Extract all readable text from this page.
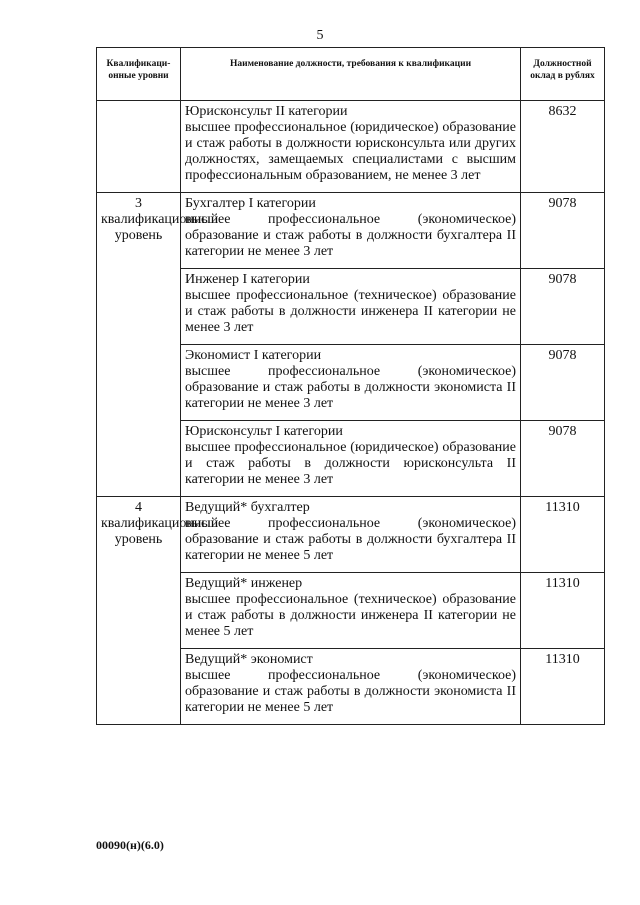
5
Квалификаци-онные уровни	Наименование должности, требования к квалификации	Должностной оклад в рублях

	Юрисконсульт II категории
высшее профессиональное (юридическое) образование и стаж работы в должности юрисконсульта или других должностях, замещаемых специалистами с высшим профессиональным образованием, не менее 3 лет	8632
3 квалификационный уровень	Бухгалтер I категории
высшее профессиональное (экономическое) образование и стаж работы в должности бухгалтера II категории не менее 3 лет	9078

	Инженер I категории
высшее профессиональное (техническое) образование и стаж работы в должности инженера II категории не менее 3 лет	9078

	Экономист I категории
высшее профессиональное (экономическое) образование и стаж работы в должности экономиста II категории не менее 3 лет	9078

	Юрисконсульт I категории
высшее профессиональное (юридическое) образование и стаж работы в должности юрисконсульта II категории не менее 3 лет	9078
4 квалификационный уровень	Ведущий* бухгалтер
высшее профессиональное (экономическое) образование и стаж работы в должности бухгалтера II категории не менее 5 лет	11310

	Ведущий* инженер
высшее профессиональное (техническое) образование и стаж работы в должности инженера II категории не менее 5 лет	11310

	Ведущий* экономист
высшее профессиональное (экономическое) образование и стаж работы в должности экономиста II категории не менее 5 лет	11310
00090(н)(6.0)
